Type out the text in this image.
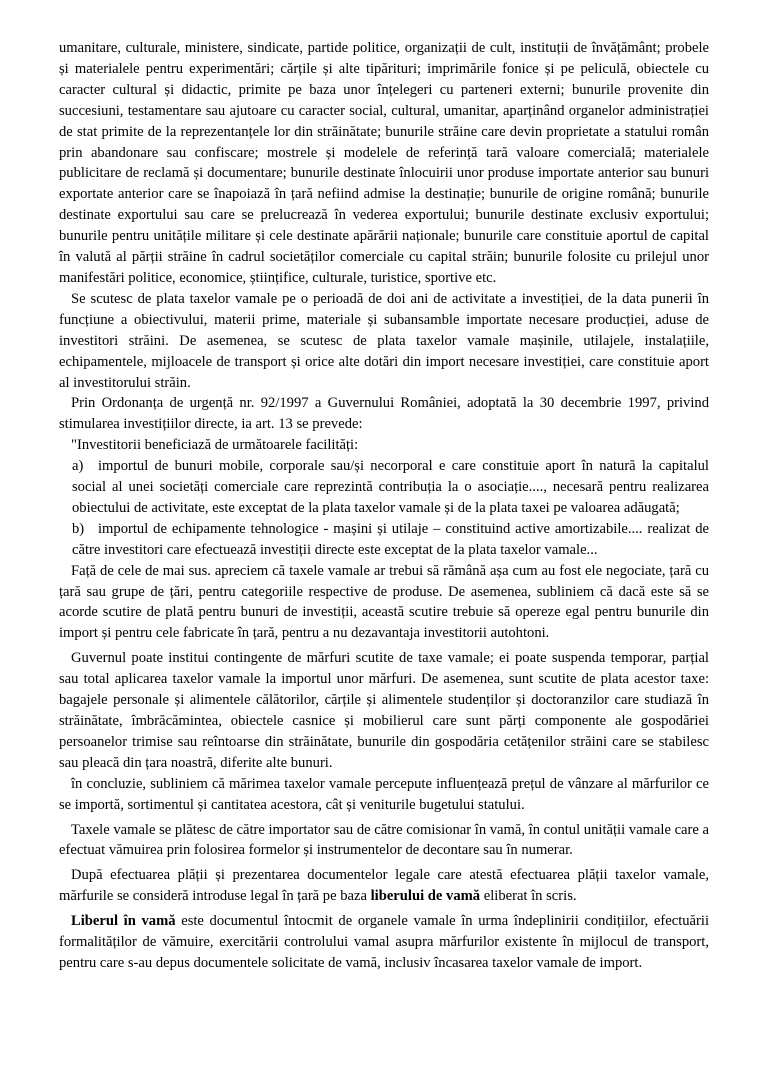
umanitare, culturale, ministere, sindicate, partide politice, organizații de cult, instituții de învățământ; probele și materialele pentru experimentări; cărțile și alte tipărituri; imprimările fonice și pe peliculă, obiectele cu caracter cultural și didactic, primite pe baza unor înțelegeri cu parteneri externi; bunurile provenite din succesiuni, testamentare sau ajutoare cu caracter social, cultural, umanitar, aparținând organelor administrației de stat primite de la reprezentanțele lor din străinătate; bunurile străine care devin proprietate a statului român prin abandonare sau confiscare; mostrele și modelele de referință tară valoare comercială; materialele publicitare de reclamă și documentare; bunurile destinate înlocuirii unor produse importate anterior sau bunuri exportate anterior care se înapoiază în țară nefiind admise la destinație; bunurile de origine română; bunurile destinate exportului sau care se prelucrează în vederea exportului; bunurile destinate exclusiv exportului; bunurile pentru unitățile militare și cele destinate apărării naționale; bunurile care constituie aportul de capital în valută al părții străine în cadrul societăților comerciale cu capital străin; bunurile folosite cu prilejul unor manifestări politice, economice, științifice, culturale, turistice, sportive etc.

Se scutesc de plata taxelor vamale pe o perioadă de doi ani de activitate a investiției, de la data punerii în funcțiune a obiectivului, materii prime, materiale și subansamble importate necesare producției, aduse de investitori străini. De asemenea, se scutesc de plata taxelor vamale mașinile, utilajele, instalațiile, echipamentele, mijloacele de transport și orice alte dotări din import necesare investiției, care constituie aport al investitorului străin.

Prin Ordonanța de urgență nr. 92/1997 a Guvernului României, adoptată la 30 decembrie 1997, privind stimularea investițiilor directe, ia art. 13 se prevede:

"Investitorii beneficiază de următoarele facilități:

a) importul de bunuri mobile, corporale sau/și necorporal e care constituie aport în natură la capitalul social al unei societăți comerciale care reprezintă contribuția la o asociație...., necesară pentru realizarea obiectului de activitate, este exceptat de la plata taxelor vamale și de la plata taxei pe valoarea adăugată;

b) importul de echipamente tehnologice - mașini și utilaje – constituind active amortizabile.... realizat de către investitori care efectuează investiții directe este exceptat de la plata taxelor vamale...

Față de cele de mai sus. apreciem că taxele vamale ar trebui să rămână așa cum au fost ele negociate, țară cu țară sau grupe de țări, pentru categoriile respective de produse. De asemenea, subliniem că dacă este să se acorde scutire de plată pentru bunuri de investiții, această scutire trebuie să opereze egal pentru bunurile din import și pentru cele fabricate în țară, pentru a nu dezavantaja investitorii autohtoni.

Guvernul poate institui contingente de mărfuri scutite de taxe vamale; ei poate suspenda temporar, parțial sau total aplicarea taxelor vamale la importul unor mărfuri. De asemenea, sunt scutite de plata acestor taxe: bagajele personale și alimentele călătorilor, cărțile și alimentele studenților și doctoranzilor care studiază în străinătate, îmbrăcămintea, obiectele casnice și mobilierul care sunt părți componente ale gospodăriei persoanelor trimise sau reîntoarse din străinătate, bunurile din gospodăria cetățenilor străini care se stabilesc sau pleacă din țara noastră, diferite alte bunuri.

în concluzie, subliniem că mărimea taxelor vamale percepute influențează prețul de vânzare al mărfurilor ce se importă, sortimentul și cantitatea acestora, cât și veniturile bugetului statului.

Taxele vamale se plătesc de către importator sau de către comisionar în vamă, în contul unității vamale care a efectuat vămuirea prin folosirea formelor și instrumentelor de decontare sau în numerar.

După efectuarea plății și prezentarea documentelor legale care atestă efectuarea plății taxelor vamale, mărfurile se consideră introduse legal în țară pe baza liberului de vamă eliberat în scris.

Liberul în vamă este documentul întocmit de organele vamale în urma îndeplinirii condițiilor, efectuării formalităților de vămuire, exercitării controlului vamal asupra mărfurilor existente în mijlocul de transport, pentru care s-au depus documentele solicitate de vamă, inclusiv încasarea taxelor vamale de import.
